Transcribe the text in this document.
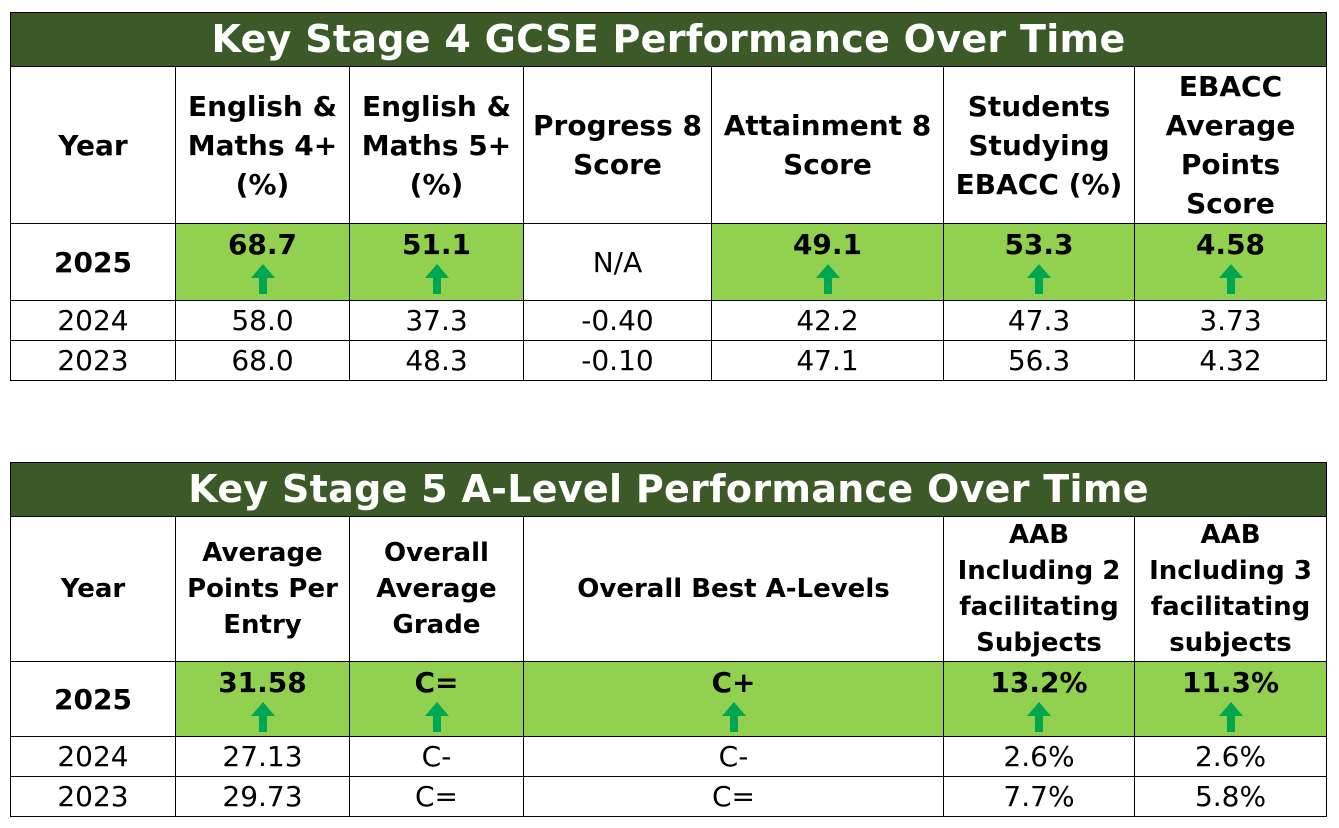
Key Stage 4 GCSE Performance Over Time						
Year	English & Maths 4+ (%)	English & Maths 5+ (%)	Progress 8 Score	Attainment 8 Score	Students Studying EBACC (%)	EBACC Average Points Score
2025	68.7	51.1	N/A	49.1	53.3	4.58

2024	58.0	37.3	-0.40	42.2	47.3	3.73
2023	68.0	48.3	-0.10	47.1	56.3	4.32
Key Stage 5 A-Level Performance Over Time					
Year	Average Points Per Entry	Overall Average Grade	Overall Best A-Levels	AAB Including 2 facilitating Subjects	AAB Including 3 facilitating subjects
2025	31.58	C=	C+	13.2%	11.3%

2024	27.13	C-	C-	2.6%	2.6%
2023	29.73	C=	C=	7.7%	5.8%
